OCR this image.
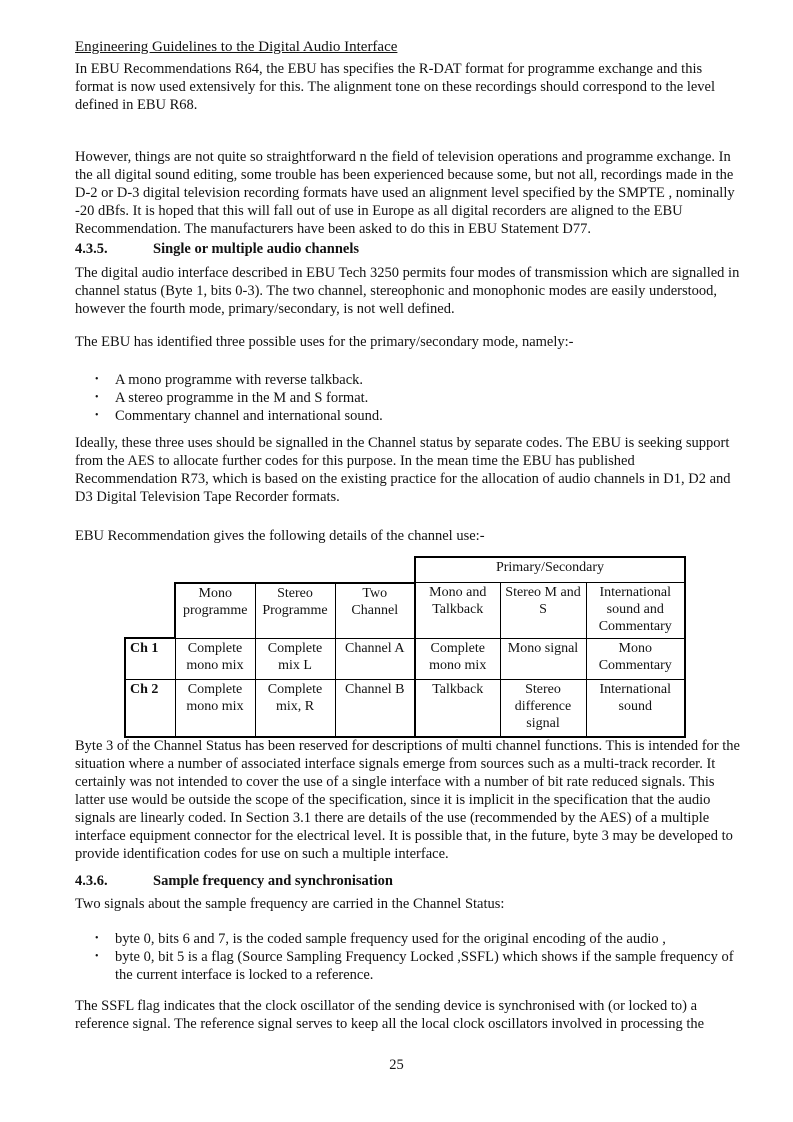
Engineering Guidelines to the Digital Audio Interface
In EBU Recommendations R64, the EBU has specifies the R-DAT format for programme exchange and this format is now used extensively for this. The alignment tone on these recordings should correspond to the level defined in EBU R68.
However, things are not quite so straightforward n the field of television operations and programme exchange. In the all digital sound editing, some trouble has been experienced because some, but not all, recordings made in the D-2 or D-3 digital television recording formats have used an alignment level specified by the SMPTE , nominally -20 dBfs. It is hoped that this will fall out of use in Europe as all digital recorders are aligned to the EBU Recommendation. The manufacturers have been asked to do this in EBU Statement D77.
4.3.5.	Single or multiple audio channels
The digital audio interface described in EBU Tech 3250 permits four modes of transmission which are signalled in channel status (Byte 1, bits 0-3). The two channel, stereophonic and monophonic modes are easily understood, however the fourth mode, primary/secondary, is not well defined.
The EBU has identified three possible uses for the primary/secondary mode, namely:-
•	A mono programme with reverse talkback.
•	A stereo programme in the M and S format.
•	Commentary channel and international sound.
Ideally, these three uses should be signalled in the Channel status by separate codes. The EBU is seeking support from the AES to allocate further codes for this purpose. In the mean time the EBU has published Recommendation R73, which is based on the existing practice for the allocation of audio channels in D1, D2 and D3 Digital Television Tape Recorder formats.
EBU Recommendation gives the following details of the channel use:-
				Primary/Secondary		
	Mono programme	Stereo Programme	Two Channel	Mono and Talkback	Stereo M and S	International sound and Commentary
Ch 1	Complete mono mix	Complete mix L	Channel A	Complete mono mix	Mono signal	Mono Commentary
Ch 2	Complete mono mix	Complete mix, R	Channel B	Talkback	Stereo difference signal	International sound
Byte 3 of the Channel Status has been reserved for descriptions of multi channel functions. This is intended for the situation where a number of associated interface signals emerge from sources such as a multi-track recorder. It certainly was not intended to cover the use of a single interface with a number of bit rate reduced signals. This latter use would be outside the scope of the specification, since it is implicit in the specification that the audio signals are linearly coded. In Section 3.1 there are details of the use (recommended by the AES) of a multiple interface equipment connector for the electrical level. It is possible that, in the future, byte 3 may be developed to provide identification codes for use on such a multiple interface.
4.3.6.	Sample frequency and synchronisation
Two signals about the sample frequency are carried in the Channel Status:
•	byte 0, bits 6 and 7, is the coded sample frequency used for the original encoding of the audio ,
•	byte 0, bit 5 is a flag (Source Sampling Frequency Locked ,SSFL) which shows if the sample frequency of the current interface is locked to a reference.
The SSFL flag indicates that the clock oscillator of the sending device is synchronised with (or locked to) a reference signal. The reference signal serves to keep all the local clock oscillators involved in processing the
25
